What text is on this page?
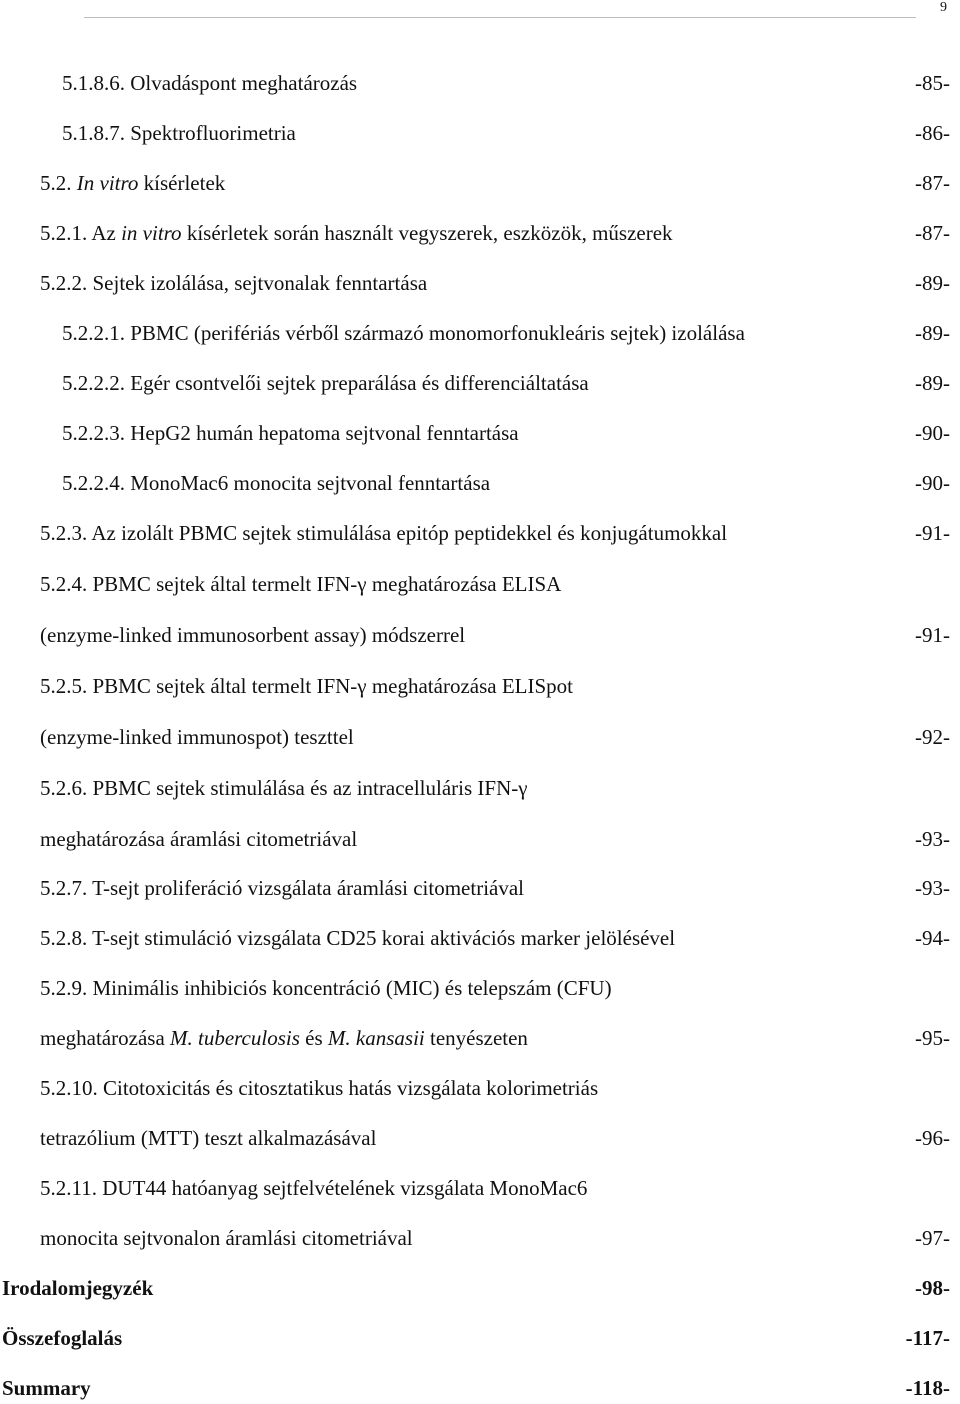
9
5.1.8.6. Olvadáspont meghatározás	-85-
5.1.8.7. Spektrofluorimetria	-86-
5.2. In vitro kísérletek	-87-
5.2.1. Az in vitro kísérletek során használt vegyszerek, eszközök, műszerek	-87-
5.2.2. Sejtek izolálása, sejtvonalak fenntartása	-89-
5.2.2.1. PBMC (perifériás vérből származó monomorfonukleáris sejtek) izolálása	-89-
5.2.2.2. Egér csontvelői sejtek preparálása és differenciáltatása	-89-
5.2.2.3. HepG2 humán hepatoma sejtvonal fenntartása	-90-
5.2.2.4. MonoMac6 monocita sejtvonal fenntartása	-90-
5.2.3. Az izolált PBMC sejtek stimulálása epitóp peptidekkel és konjugátumokkal	-91-
5.2.4. PBMC sejtek által termelt IFN-γ meghatározása ELISA
(enzyme-linked immunosorbent assay) módszerrel	-91-
5.2.5. PBMC sejtek által termelt IFN-γ meghatározása ELISpot
(enzyme-linked immunospot) teszttel	-92-
5.2.6. PBMC sejtek stimulálása és az intracelluláris IFN-γ
meghatározása áramlási citometriával	-93-
5.2.7. T-sejt proliferáció vizsgálata áramlási citometriával	-93-
5.2.8. T-sejt stimuláció vizsgálata CD25 korai aktivációs marker jelölésével	-94-
5.2.9. Minimális inhibiciós koncentráció (MIC) és telepszám (CFU)
meghatározása M. tuberculosis és M. kansasii tenyészeten	-95-
5.2.10. Citotoxicitás és citosztatikus hatás vizsgálata kolorimetriás
tetrazólium (MTT) teszt alkalmazásával	-96-
5.2.11. DUT44 hatóanyag sejtfelvételének vizsgálata MonoMac6
monocita sejtvonalon áramlási citometriával	-97-
Irodalomjegyzék	-98-
Összefoglalás	-117-
Summary	-118-
